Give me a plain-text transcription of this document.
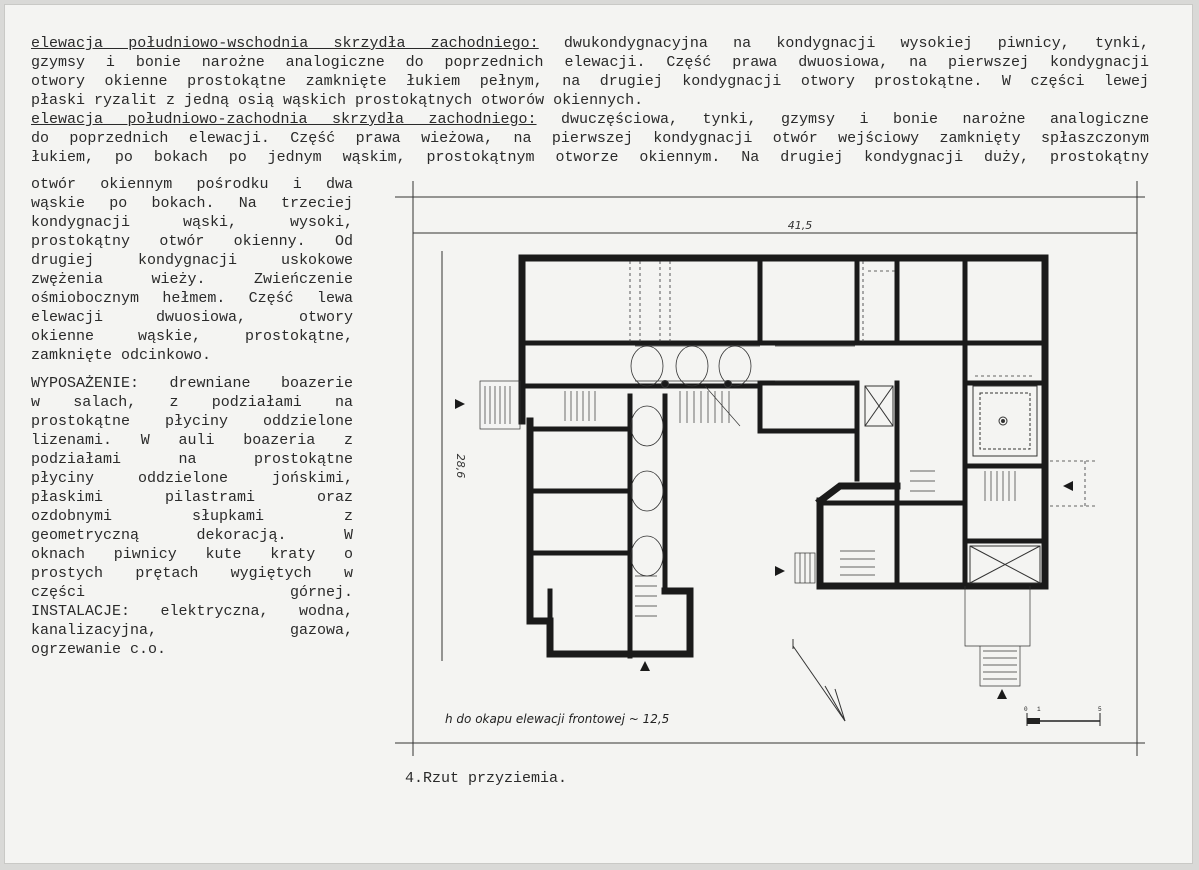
elewacja południowo-wschodnia skrzydła zachodniego: dwukondygnacyjna na kondygnacji wysokiej piwnicy, tynki,
gzymsy i bonie narożne analogiczne do poprzednich elewacji. Część prawa dwuosiowa, na pierwszej kondygnacji
otwory okienne prostokątne zamknięte łukiem pełnym, na drugiej kondygnacji otwory prostokątne. W części lewej
płaski ryzalit z jedną osią wąskich prostokątnych otworów okiennych.
elewacja południowo-zachodnia skrzydła zachodniego: dwuczęściowa, tynki, gzymsy i bonie narożne analogiczne
do poprzednich elewacji. Część prawa wieżowa, na pierwszej kondygnacji otwór wejściowy zamknięty spłaszczonym
łukiem, po bokach po jednym wąskim, prostokątnym otworze okiennym. Na drugiej kondygnacji duży, prostokątny
otwór okiennym pośrodku i dwa
wąskie po bokach. Na trzeciej
kondygnacji wąski, wysoki,
prostokątny otwór okienny. Od
drugiej kondygnacji uskokowe
zwężenia wieży. Zwieńczenie
ośmiobocznym hełmem. Część lewa
elewacji dwuosiowa, otwory
okienne wąskie, prostokątne,
zamknięte odcinkowo.
WYPOSAŻENIE: drewniane boazerie
w salach, z podziałami na
prostokątne płyciny oddzielone
lizenami. W auli boazeria z
podziałami na prostokątne
płyciny oddzielone jońskimi,
płaskimi pilastrami oraz
ozdobnymi słupkami z
geometryczną dekoracją. W
oknach piwnicy kute kraty o
prostych prętach wygiętych w
części górnej.
INSTALACJE: elektryczna, wodna,
kanalizacyjna, gazowa,
ogrzewanie c.o.
41,5
28,6
h do okapu elewacji frontowej ~ 12,5
0 1	5
4.Rzut przyziemia.
